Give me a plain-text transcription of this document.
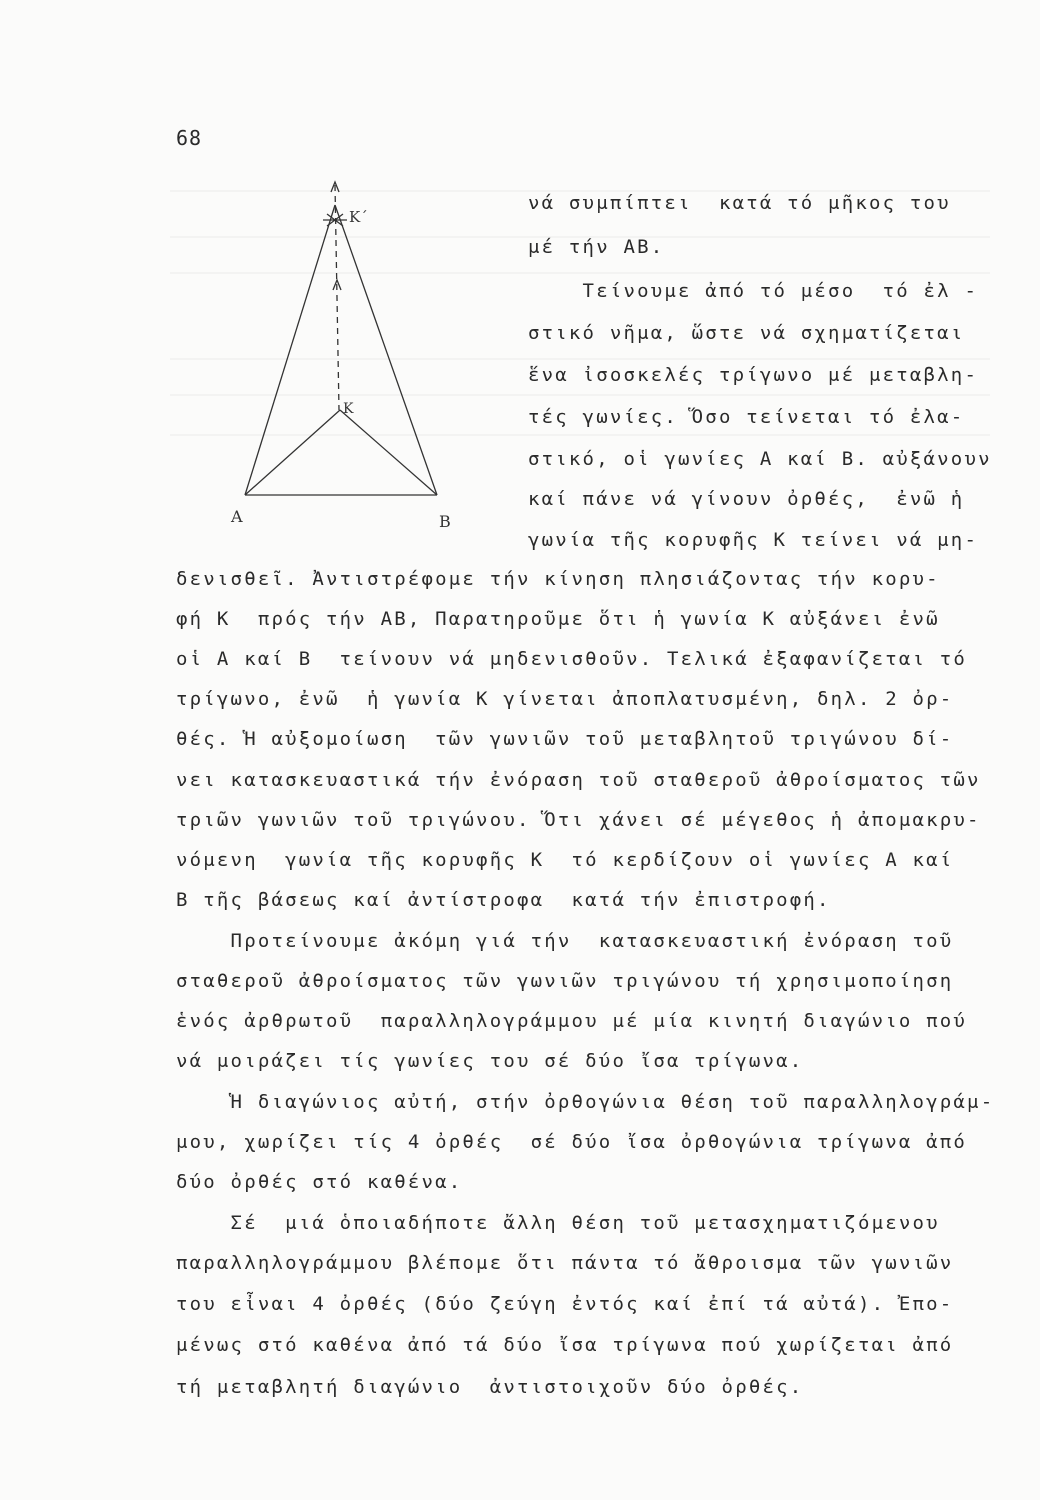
68
Κ΄
Κ
Α	Β
νά συμπίπτει  κατά τό μῆκος του
μέ τήν ΑΒ.
Τείνουμε ἀπό τό μέσο  τό ἐλ -
στικό νῆμα, ὥστε νά σχηματίζεται
ἕνα ἰσοσκελές τρίγωνο μέ μεταβλη-
τές γωνίες. Ὅσο τείνεται τό ἐλα-
στικό, οἱ γωνίες Α καί Β. αὐξάνουν
καί πάνε νά γίνουν ὀρθές,  ἐνῶ ἡ
γωνία τῆς κορυφῆς Κ τείνει νά μη-
δενισθεῖ. Ἀντιστρέφομε τήν κίνηση πλησιάζοντας τήν κορυ-
φή Κ  πρός τήν ΑΒ, Παρατηροῦμε ὅτι ἡ γωνία Κ αὐξάνει ἐνῶ
οἱ Α καί Β  τείνουν νά μηδενισθοῦν. Τελικά ἐξαφανίζεται τό
τρίγωνο, ἐνῶ  ἡ γωνία Κ γίνεται ἀποπλατυσμένη, δηλ. 2 ὀρ-
θές. Ἡ αὐξομοίωση  τῶν γωνιῶν τοῦ μεταβλητοῦ τριγώνου δί-
νει κατασκευαστικά τήν ἐνόραση τοῦ σταθεροῦ ἀθροίσματος τῶν
τριῶν γωνιῶν τοῦ τριγώνου. Ὅτι χάνει σέ μέγεθος ἡ ἀπομακρυ-
νόμενη  γωνία τῆς κορυφῆς Κ  τό κερδίζουν οἱ γωνίες Α καί
Β τῆς βάσεως καί ἀντίστροφα  κατά τήν ἐπιστροφή.
Προτείνουμε ἀκόμη γιά τήν  κατασκευαστική ἐνόραση τοῦ
σταθεροῦ ἀθροίσματος τῶν γωνιῶν τριγώνου τή χρησιμοποίηση
ἑνός ἀρθρωτοῦ  παραλληλογράμμου μέ μία κινητή διαγώνιο πού
νά μοιράζει τίς γωνίες του σέ δύο ἴσα τρίγωνα.
Ἡ διαγώνιος αὐτή, στήν ὀρθογώνια θέση τοῦ παραλληλογράμ-
μου, χωρίζει τίς 4 ὀρθές  σέ δύο ἴσα ὀρθογώνια τρίγωνα ἀπό
δύο ὀρθές στό καθένα.
Σέ  μιά ὁποιαδήποτε ἄλλη θέση τοῦ μετασχηματιζόμενου
παραλληλογράμμου βλέπομε ὅτι πάντα τό ἄθροισμα τῶν γωνιῶν
του εἶναι 4 ὀρθές (δύο ζεύγη ἐντός καί ἐπί τά αὐτά). Ἐπο-
μένως στό καθένα ἀπό τά δύο ἴσα τρίγωνα πού χωρίζεται ἀπό
τή μεταβλητή διαγώνιο  ἀντιστοιχοῦν δύο ὀρθές.
